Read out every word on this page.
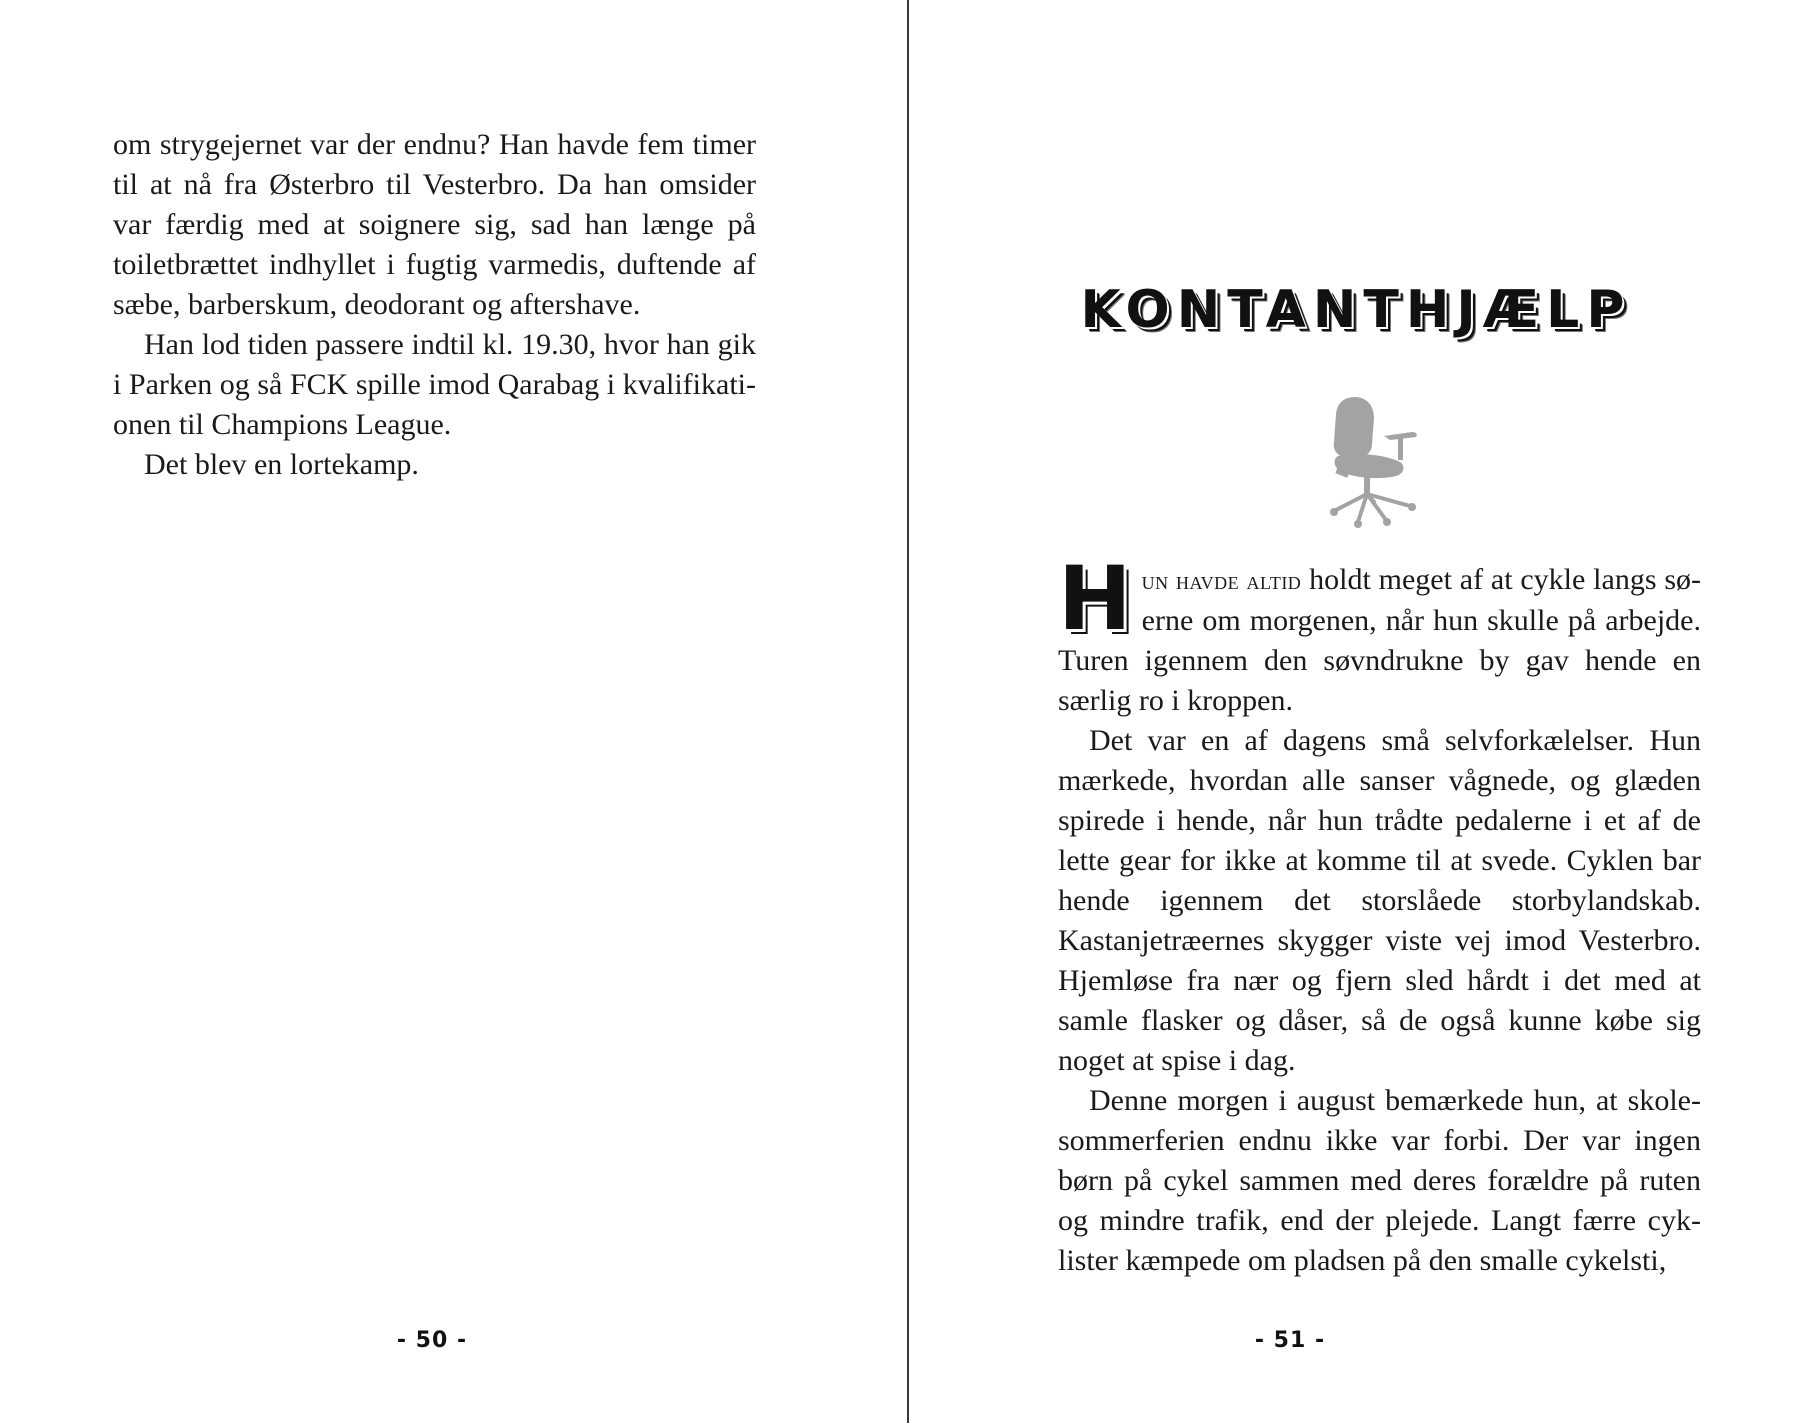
om strygejernet var der endnu? Han havde fem timer til at nå fra Østerbro til Vesterbro. Da han omsider var færdig med at soignere sig, sad han længe på toiletbrættet indhyllet i fugtig varmedis, duftende af sæbe, barberskum, deodorant og aftershave.

Han lod tiden passere indtil kl. 19.30, hvor han gik i Parken og så FCK spille imod Qarabag i kvalifikationen til Champions League.

Det blev en lortekamp.

- 50 -
KONTANTHJÆLP

Hun havde altid holdt meget af at cykle langs søerne om morgenen, når hun skulle på arbejde. Turen igennem den søvndrukne by gav hende en særlig ro i kroppen.

Det var en af dagens små selvforkælelser. Hun mærkede, hvordan alle sanser vågnede, og glæden spirede i hende, når hun trådte pedalerne i et af de lette gear for ikke at komme til at svede. Cyklen bar hende igennem det storslåede storbylandskab. Kastanjetræernes skygger viste vej imod Vesterbro. Hjemløse fra nær og fjern sled hårdt i det med at samle flasker og dåser, så de også kunne købe sig noget at spise i dag.

Denne morgen i august bemærkede hun, at skolesommerferien endnu ikke var forbi. Der var ingen børn på cykel sammen med deres forældre på ruten og mindre trafik, end der plejede. Langt færre cyklister kæmpede om pladsen på den smalle cykelsti,

- 51 -
